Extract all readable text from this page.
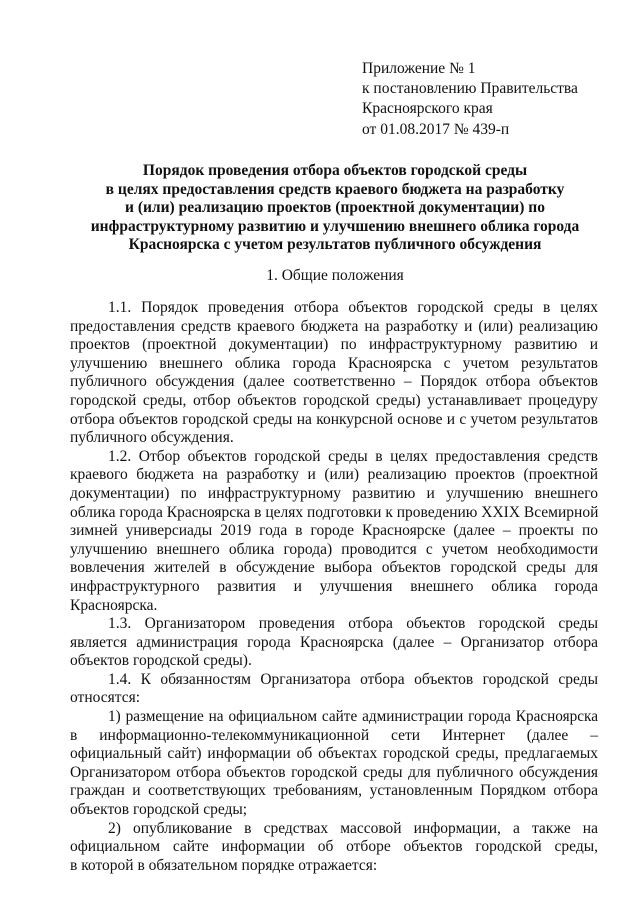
Приложение № 1
к постановлению Правительства
Красноярского края
от 01.08.2017 № 439-п
Порядок проведения отбора объектов городской среды
в целях предоставления средств краевого бюджета на разработку
и (или) реализацию проектов (проектной документации) по
инфраструктурному развитию и улучшению внешнего облика города
Красноярска с учетом результатов публичного обсуждения
1. Общие положения
1.1. Порядок проведения отбора объектов городской среды в целях
предоставления средств краевого бюджета на разработку и (или) реализацию
проектов (проектной документации) по инфраструктурному развитию и
улучшению внешнего облика города Красноярска с учетом результатов
публичного обсуждения (далее соответственно – Порядок отбора объектов
городской среды, отбор объектов городской среды) устанавливает процедуру
отбора объектов городской среды на конкурсной основе и с учетом результатов
публичного обсуждения.
1.2. Отбор объектов городской среды в целях предоставления средств
краевого бюджета на разработку и (или) реализацию проектов (проектной
документации) по инфраструктурному развитию и улучшению внешнего
облика города Красноярска в целях подготовки к проведению XXIX Всемирной
зимней универсиады 2019 года в городе Красноярске (далее – проекты по
улучшению внешнего облика города) проводится с учетом необходимости
вовлечения жителей в обсуждение выбора объектов городской среды для
инфраструктурного развития и улучшения внешнего облика города
Красноярска.
1.3. Организатором проведения отбора объектов городской среды
является администрация города Красноярска (далее – Организатор отбора
объектов городской среды).
1.4. К обязанностям Организатора отбора объектов городской среды
относятся:
1) размещение на официальном сайте администрации города Красноярска
в информационно-телекоммуникационной сети Интернет (далее –
официальный сайт) информации об объектах городской среды, предлагаемых
Организатором отбора объектов городской среды для публичного обсуждения
граждан и соответствующих требованиям, установленным Порядком отбора
объектов городской среды;
2) опубликование в средствах массовой информации, а также на
официальном сайте информации об отборе объектов городской среды,
в которой в обязательном порядке отражается:
